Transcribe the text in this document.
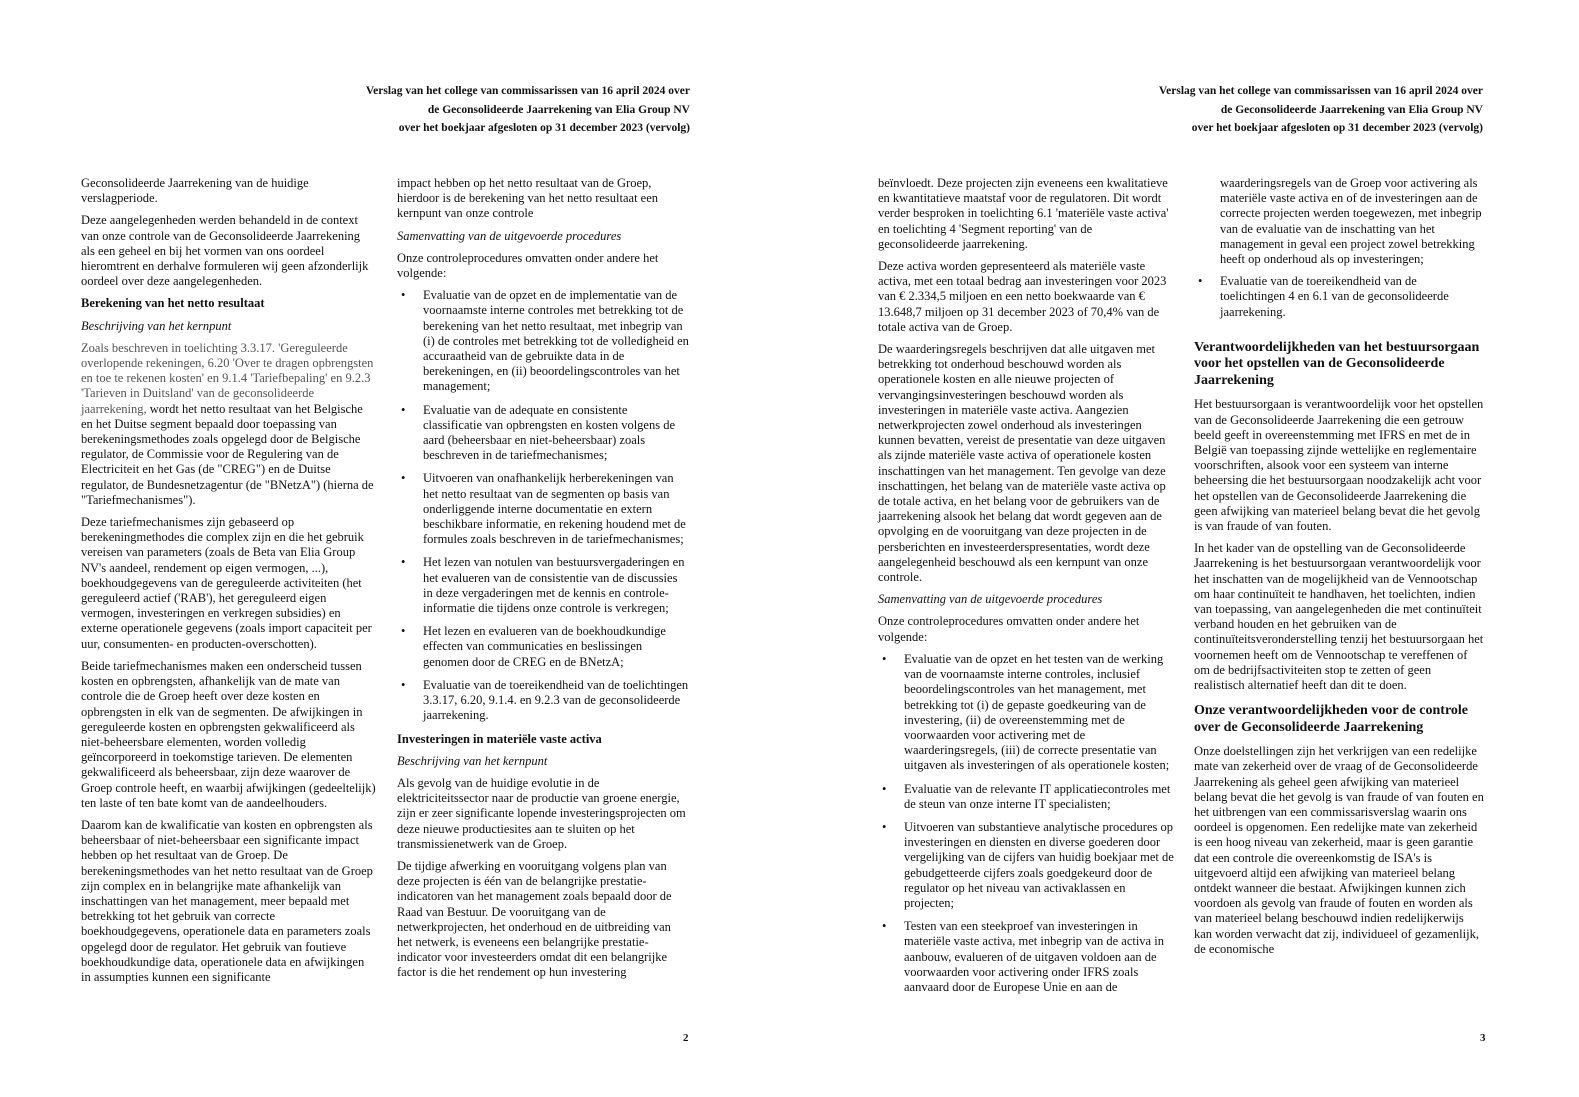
Verslag van het college van commissarissen van 16 april 2024 over
de Geconsolideerde Jaarrekening van Elia Group NV
over het boekjaar afgesloten op 31 december 2023 (vervolg)

Geconsolideerde Jaarrekening van de huidige verslagperiode.

Deze aangelegenheden werden behandeld in de context van onze controle van de Geconsolideerde Jaarrekening als een geheel en bij het vormen van ons oordeel hieromtrent en derhalve formuleren wij geen afzonderlijk oordeel over deze aangelegenheden.

Berekening van het netto resultaat

Beschrijving van het kernpunt

Zoals beschreven in toelichting 3.3.17. 'Gereguleerde overlopende rekeningen, 6.20 'Over te dragen opbrengsten en toe te rekenen kosten' en 9.1.4 'Tariefbepaling' en 9.2.3 'Tarieven in Duitsland' van de geconsolideerde jaarrekening, wordt het netto resultaat van het Belgische en het Duitse segment bepaald door toepassing van berekeningsmethodes zoals opgelegd door de Belgische regulator, de Commissie voor de Regulering van de Electriciteit en het Gas (de "CREG") en de Duitse regulator, de Bundesnetzagentur (de "BNetzA") (hierna de "Tariefmechanismes").

Deze tariefmechanismes zijn gebaseerd op berekeningmethodes die complex zijn en die het gebruik vereisen van parameters (zoals de Beta van Elia Group NV's aandeel, rendement op eigen vermogen, ...), boekhoudgegevens van de gereguleerde activiteiten (het gereguleerd actief ('RAB'), het gereguleerd eigen vermogen, investeringen en verkregen subsidies) en externe operationele gegevens (zoals import capaciteit per uur, consumenten- en producten-overschotten).

Beide tariefmechanismes maken een onderscheid tussen kosten en opbrengsten, afhankelijk van de mate van controle die de Groep heeft over deze kosten en opbrengsten in elk van de segmenten. De afwijkingen in gereguleerde kosten en opbrengsten gekwalificeerd als niet-beheersbare elementen, worden volledig geïncorporeerd in toekomstige tarieven. De elementen gekwalificeerd als beheersbaar, zijn deze waarover de Groep controle heeft, en waarbij afwijkingen (gedeeltelijk) ten laste of ten bate komt van de aandeelhouders.

Daarom kan de kwalificatie van kosten en opbrengsten als beheersbaar of niet-beheersbaar een significante impact hebben op het resultaat van de Groep. De berekeningsmethodes van het netto resultaat van de Groep zijn complex en in belangrijke mate afhankelijk van inschattingen van het management, meer bepaald met betrekking tot het gebruik van correcte boekhoudgegevens, operationele data en parameters zoals opgelegd door de regulator. Het gebruik van foutieve boekhoudkundige data, operationele data en afwijkingen in assumpties kunnen een significante

impact hebben op het netto resultaat van de Groep, hierdoor is de berekening van het netto resultaat een kernpunt van onze controle

Samenvatting van de uitgevoerde procedures

Onze controleprocedures omvatten onder andere het volgende:

• Evaluatie van de opzet en de implementatie van de voornaamste interne controles met betrekking tot de berekening van het netto resultaat, met inbegrip van (i) de controles met betrekking tot de volledigheid en accuraatheid van de gebruikte data in de berekeningen, en (ii) beoordelingscontroles van het management;
• Evaluatie van de adequate en consistente classificatie van opbrengsten en kosten volgens de aard (beheersbaar en niet-beheersbaar) zoals beschreven in de tariefmechanismes;
• Uitvoeren van onafhankelijk herberekeningen van het netto resultaat van de segmenten op basis van onderliggende interne documentatie en extern beschikbare informatie, en rekening houdend met de formules zoals beschreven in de tariefmechanismes;
• Het lezen van notulen van bestuursvergaderingen en het evalueren van de consistentie van de discussies in deze vergaderingen met de kennis en controle-informatie die tijdens onze controle is verkregen;
• Het lezen en evalueren van de boekhoudkundige effecten van communicaties en beslissingen genomen door de CREG en de BNetzA;
• Evaluatie van de toereikendheid van de toelichtingen 3.3.17, 6.20, 9.1.4. en 9.2.3 van de geconsolideerde jaarrekening.

Investeringen in materiële vaste activa

Beschrijving van het kernpunt

Als gevolg van de huidige evolutie in de elektriciteitssector naar de productie van groene energie, zijn er zeer significante lopende investeringsprojecten om deze nieuwe productiesites aan te sluiten op het transmissienetwerk van de Groep.

De tijdige afwerking en vooruitgang volgens plan van deze projecten is één van de belangrijke prestatie-indicatoren van het management zoals bepaald door de Raad van Bestuur. De vooruitgang van de netwerkprojecten, het onderhoud en de uitbreiding van het netwerk, is eveneens een belangrijke prestatie-indicator voor investeerders omdat dit een belangrijke factor is die het rendement op hun investering

2
Verslag van het college van commissarissen van 16 april 2024 over
de Geconsolideerde Jaarrekening van Elia Group NV
over het boekjaar afgesloten op 31 december 2023 (vervolg)

beïnvloedt. Deze projecten zijn eveneens een kwalitatieve en kwantitatieve maatstaf voor de regulatoren. Dit wordt verder besproken in toelichting 6.1 'materiële vaste activa' en toelichting 4 'Segment reporting' van de geconsolideerde jaarrekening.

Deze activa worden gepresenteerd als materiële vaste activa, met een totaal bedrag aan investeringen voor 2023 van € 2.334,5 miljoen en een netto boekwaarde van € 13.648,7 miljoen op 31 december 2023 of 70,4% van de totale activa van de Groep.

De waarderingsregels beschrijven dat alle uitgaven met betrekking tot onderhoud beschouwd worden als operationele kosten en alle nieuwe projecten of vervangingsinvesteringen beschouwd worden als investeringen in materiële vaste activa. Aangezien netwerkprojecten zowel onderhoud als investeringen kunnen bevatten, vereist de presentatie van deze uitgaven als zijnde materiële vaste activa of operationele kosten inschattingen van het management. Ten gevolge van deze inschattingen, het belang van de materiële vaste activa op de totale activa, en het belang voor de gebruikers van de jaarrekening alsook het belang dat wordt gegeven aan de opvolging en de vooruitgang van deze projecten in de persberichten en investeerderspresentaties, wordt deze aangelegenheid beschouwd als een kernpunt van onze controle.

Samenvatting van de uitgevoerde procedures

Onze controleprocedures omvatten onder andere het volgende:

• Evaluatie van de opzet en het testen van de werking van de voornaamste interne controles, inclusief beoordelingscontroles van het management, met betrekking tot (i) de gepaste goedkeuring van de investering, (ii) de overeenstemming met de voorwaarden voor activering met de waarderingsregels, (iii) de correcte presentatie van uitgaven als investeringen of als operationele kosten;
• Evaluatie van de relevante IT applicatiecontroles met de steun van onze interne IT specialisten;
• Uitvoeren van substantieve analytische procedures op investeringen en diensten en diverse goederen door vergelijking van de cijfers van huidig boekjaar met de gebudgetteerde cijfers zoals goedgekeurd door de regulator op het niveau van activaklassen en projecten;
• Testen van een steekproef van investeringen in materiële vaste activa, met inbegrip van de activa in aanbouw, evalueren of de uitgaven voldoen aan de voorwaarden voor activering onder IFRS zoals aanvaard door de Europese Unie en aan de

waarderingsregels van de Groep voor activering als materiële vaste activa en of de investeringen aan de correcte projecten werden toegewezen, met inbegrip van de evaluatie van de inschatting van het management in geval een project zowel betrekking heeft op onderhoud als op investeringen;

• Evaluatie van de toereikendheid van de toelichtingen 4 en 6.1 van de geconsolideerde jaarrekening.
Verantwoordelijkheden van het bestuursorgaan voor het opstellen van de Geconsolideerde Jaarrekening

Het bestuursorgaan is verantwoordelijk voor het opstellen van de Geconsolideerde Jaarrekening die een getrouw beeld geeft in overeenstemming met IFRS en met de in België van toepassing zijnde wettelijke en reglementaire voorschriften, alsook voor een systeem van interne beheersing die het bestuursorgaan noodzakelijk acht voor het opstellen van de Geconsolideerde Jaarrekening die geen afwijking van materieel belang bevat die het gevolg is van fraude of van fouten.

In het kader van de opstelling van de Geconsolideerde Jaarrekening is het bestuursorgaan verantwoordelijk voor het inschatten van de mogelijkheid van de Vennootschap om haar continuïteit te handhaven, het toelichten, indien van toepassing, van aangelegenheden die met continuïteit verband houden en het gebruiken van de continuïteitsveronderstelling tenzij het bestuursorgaan het voornemen heeft om de Vennootschap te vereffenen of om de bedrijfsactiviteiten stop te zetten of geen realistisch alternatief heeft dan dit te doen.

Onze verantwoordelijkheden voor de controle over de Geconsolideerde Jaarrekening

Onze doelstellingen zijn het verkrijgen van een redelijke mate van zekerheid over de vraag of de Geconsolideerde Jaarrekening als geheel geen afwijking van materieel belang bevat die het gevolg is van fraude of van fouten en het uitbrengen van een commissarisverslag waarin ons oordeel is opgenomen. Een redelijke mate van zekerheid is een hoog niveau van zekerheid, maar is geen garantie dat een controle die overeenkomstig de ISA's is uitgevoerd altijd een afwijking van materieel belang ontdekt wanneer die bestaat. Afwijkingen kunnen zich voordoen als gevolg van fraude of fouten en worden als van materieel belang beschouwd indien redelijkerwijs kan worden verwacht dat zij, individueel of gezamenlijk, de economische

3
